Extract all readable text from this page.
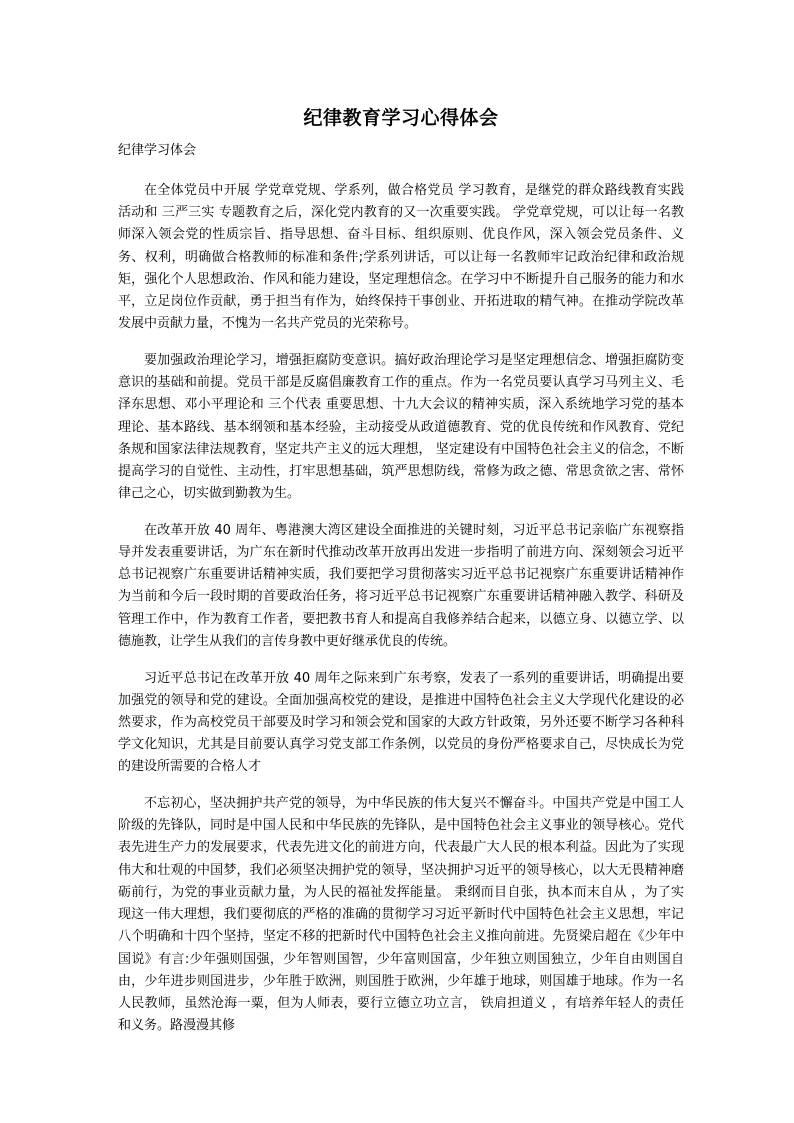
纪律教育学习心得体会
纪律学习体会

在全体党员中开展 学党章党规、学系列，做合格党员 学习教育，是继党的群众路线教育实践活动和 三严三实 专题教育之后，深化党内教育的又一次重要实践。 学党章党规，可以让每一名教师深入领会党的性质宗旨、指导思想、奋斗目标、组织原则、优良作风，深入领会党员条件、义务、权利，明确做合格教师的标准和条件;学系列讲话，可以让每一名教师牢记政治纪律和政治规矩，强化个人思想政治、作风和能力建设，坚定理想信念。在学习中不断提升自己服务的能力和水平，立足岗位作贡献，勇于担当有作为，始终保持干事创业、开拓进取的精气神。在推动学院改革发展中贡献力量，不愧为一名共产党员的光荣称号。

要加强政治理论学习，增强拒腐防变意识。搞好政治理论学习是坚定理想信念、增强拒腐防变意识的基础和前提。党员干部是反腐倡廉教育工作的重点。作为一名党员要认真学习马列主义、毛泽东思想、邓小平理论和 三个代表 重要思想、十九大会议的精神实质，深入系统地学习党的基本理论、基本路线、基本纲领和基本经验，主动接受从政道德教育、党的优良传统和作风教育、党纪条规和国家法律法规教育，坚定共产主义的远大理想， 坚定建设有中国特色社会主义的信念，不断提高学习的自觉性、主动性，打牢思想基础，筑严思想防线，常修为政之德、常思贪欲之害、常怀律己之心，切实做到勤教为生。

在改革开放 40 周年、粤港澳大湾区建设全面推进的关键时刻，习近平总书记亲临广东视察指导并发表重要讲话，为广东在新时代推动改革开放再出发进一步指明了前进方向、深刻领会习近平总书记视察广东重要讲话精神实质，我们要把学习贯彻落实习近平总书记视察广东重要讲话精神作为当前和今后一段时期的首要政治任务，将习近平总书记视察广东重要讲话精神融入教学、科研及管理工作中，作为教育工作者，要把教书育人和提高自我修养结合起来，以德立身、以德立学、以德施教，让学生从我们的言传身教中更好继承优良的传统。

习近平总书记在改革开放 40 周年之际来到广东考察，发表了一系列的重要讲话，明确提出要加强党的领导和党的建设。全面加强高校党的建设，是推进中国特色社会主义大学现代化建设的必然要求，作为高校党员干部要及时学习和领会党和国家的大政方针政策，另外还要不断学习各种科学文化知识，尤其是目前要认真学习党支部工作条例，以党员的身份严格要求自己，尽快成长为党的建设所需要的合格人才

不忘初心，坚决拥护共产党的领导，为中华民族的伟大复兴不懈奋斗。中国共产党是中国工人阶级的先锋队，同时是中国人民和中华民族的先锋队，是中国特色社会主义事业的领导核心。党代表先进生产力的发展要求，代表先进文化的前进方向，代表最广大人民的根本利益。因此为了实现伟大和壮观的中国梦，我们必须坚决拥护党的领导，坚决拥护习近平的领导核心，以大无畏精神磨砺前行，为党的事业贡献力量，为人民的福祉发挥能量。 秉纲而目自张，执本而末自从 ，为了实现这一伟大理想，我们要彻底的严格的准确的贯彻学习习近平新时代中国特色社会主义思想，牢记八个明确和十四个坚持，坚定不移的把新时代中国特色社会主义推向前进。先贤梁启超在《少年中国说》有言:少年强则国强，少年智则国智，少年富则国富，少年独立则国独立，少年自由则国自由，少年进步则国进步，少年胜于欧洲，则国胜于欧洲，少年雄于地球，则国雄于地球。作为一名人民教师，虽然沧海一粟，但为人师表，要行立德立功立言， 铁肩担道义 ，有培养年轻人的责任和义务。路漫漫其修
